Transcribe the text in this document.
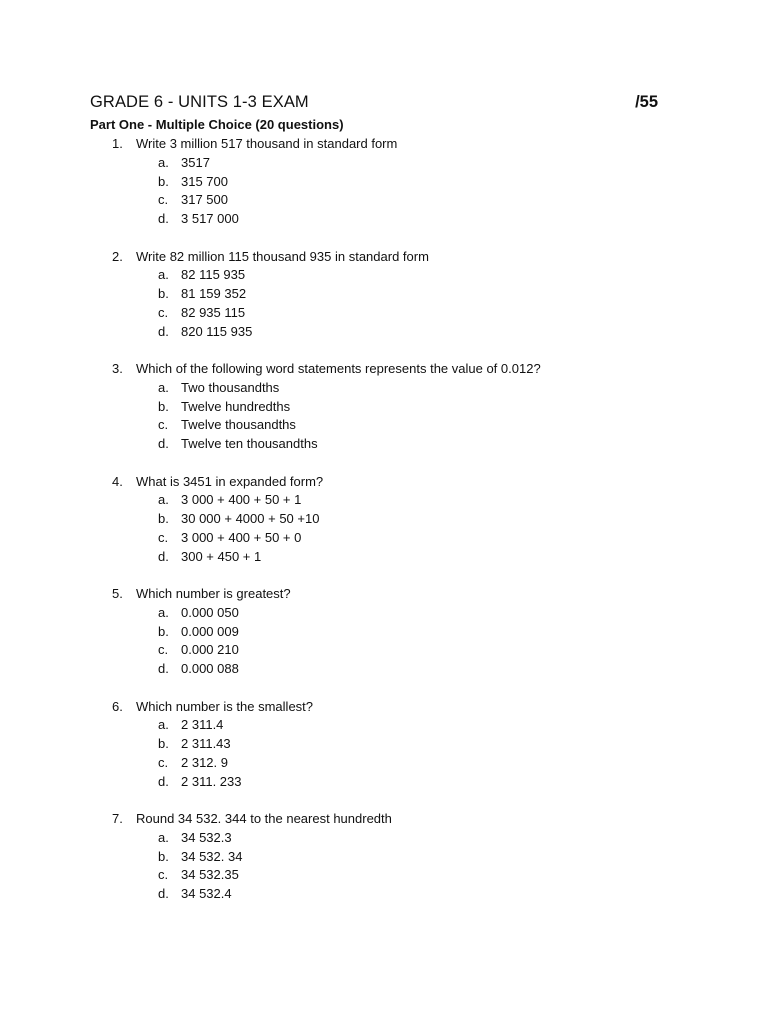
GRADE 6 - UNITS 1-3 EXAM	/55
Part One - Multiple Choice (20 questions)
1. Write 3 million 517 thousand in standard form
a. 3517
b. 315 700
c. 317 500
d. 3 517 000
2. Write 82 million 115 thousand 935 in standard form
a. 82 115 935
b. 81 159 352
c. 82 935 115
d. 820 115 935
3. Which of the following word statements represents the value of 0.012?
a. Two thousandths
b. Twelve hundredths
c. Twelve thousandths
d. Twelve ten thousandths
4. What is 3451 in expanded form?
a. 3 000 + 400 + 50 + 1
b. 30 000 + 4000 + 50 +10
c. 3 000 + 400 + 50 + 0
d. 300 + 450 + 1
5. Which number is greatest?
a. 0.000 050
b. 0.000 009
c. 0.000 210
d. 0.000 088
6. Which number is the smallest?
a. 2 311.4
b. 2 311.43
c. 2 312. 9
d. 2 311. 233
7. Round 34 532. 344 to the nearest hundredth
a. 34 532.3
b. 34 532. 34
c. 34 532.35
d. 34 532.4
